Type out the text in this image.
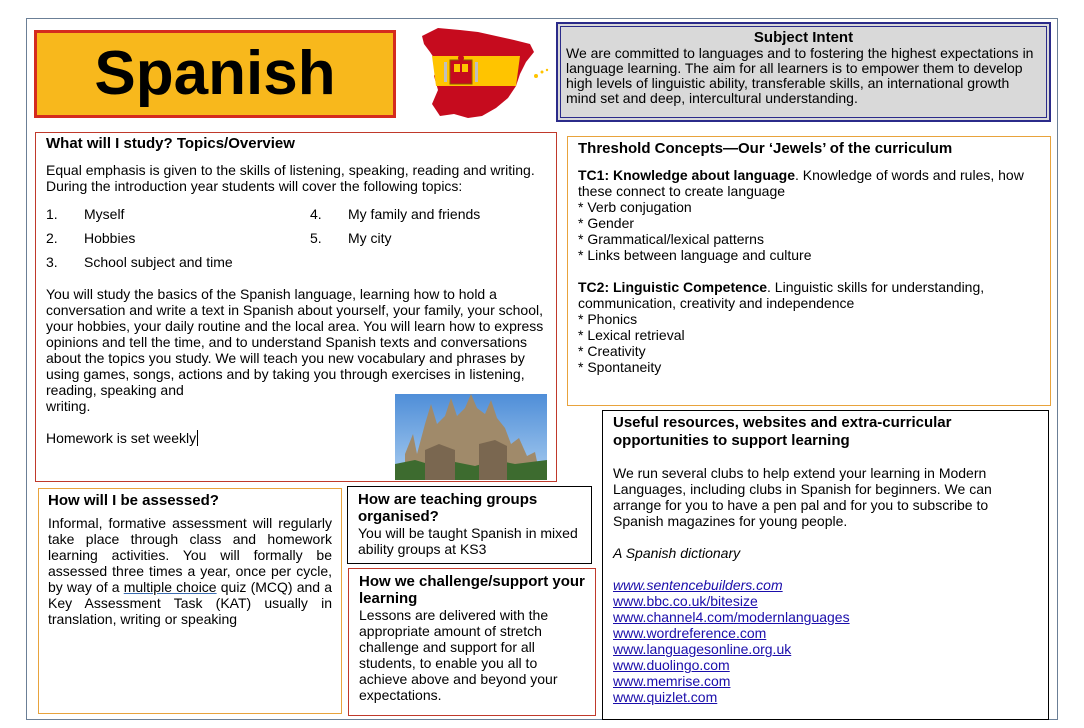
Spanish
Subject Intent

We are committed to languages and to fostering the highest expectations in language learning. The aim for all learners is to empower them to develop high levels of linguistic ability, transferable skills, an international growth mind set and deep, intercultural understanding.

What will I study? Topics/Overview

Equal emphasis is given to the skills of listening, speaking, reading and writing. During the introduction year students will cover the following topics:

1. Myself
2. Hobbies
3. School subject and time
4. My family and friends
5. My city

You will study the basics of the Spanish language, learning how to hold a conversation and write a text in Spanish about yourself, your family, your school, your hobbies, your daily routine and the local area. You will learn how to express opinions and tell the time, and to understand Spanish texts and conversations about the topics you study. We will teach you new vocabulary and phrases by using games, songs, actions and by taking you through exercises in listening, reading, speaking and

writing.

Homework is set weekly

Threshold Concepts—Our ‘Jewels’ of the curriculum

TC1: Knowledge about language. Knowledge of words and rules, how these connect to create language

* Verb conjugation

* Gender

* Grammatical/lexical patterns

* Links between language and culture

TC2: Linguistic Competence. Linguistic skills for understanding, communication, creativity and independence

* Phonics

* Lexical retrieval

* Creativity

* Spontaneity

How will I be assessed?

Informal, formative assessment will regularly take place through class and homework learning activities. You will formally be assessed three times a year, once per cycle, by way of a multiple choice quiz (MCQ) and a Key Assessment Task (KAT) usually in translation, writing or speaking

How are teaching groups organised?

You will be taught Spanish in mixed ability groups at KS3

How we challenge/support your learning

Lessons are delivered with the appropriate amount of stretch challenge and support for all students, to enable you all to achieve above and beyond your expectations.

Useful resources, websites and extra-curricular opportunities to support learning

We run several clubs to help extend your learning in Modern Languages, including clubs in Spanish for beginners. We can arrange for you to have a pen pal and for you to subscribe to Spanish magazines for young people.

A Spanish dictionary

www.sentencebuilders.com
www.bbc.co.uk/bitesize
www.channel4.com/modernlanguages
www.wordreference.com
www.languagesonline.org.uk
www.duolingo.com
www.memrise.com
www.quizlet.com
